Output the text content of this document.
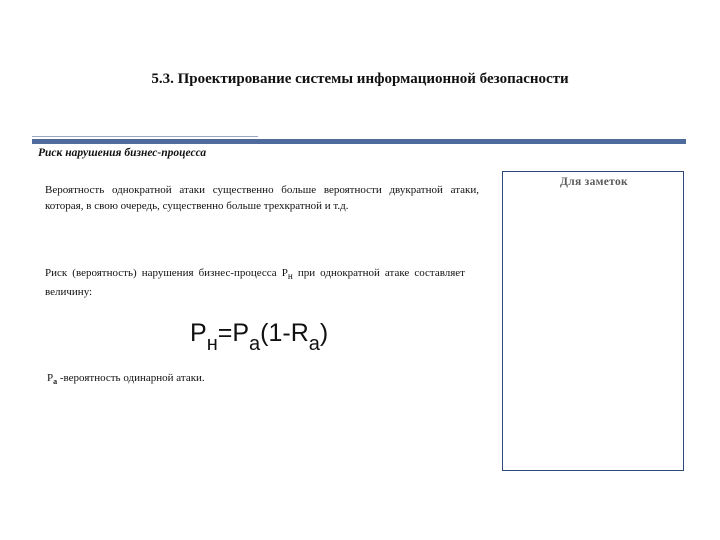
5.3. Проектирование системы информационной безопасности
Риск нарушения бизнес-процесса
Вероятность однократной атаки существенно больше вероятности двукратной атаки, которая, в свою очередь, существенно больше трехкратной и т.д.
Риск (вероятность) нарушения бизнес-процесса $P_н$ при однократной атаке составляет величину:
$P_н=P_а(1-R_а)$
$P_а$ -вероятность одинарной атаки.
Для заметок
